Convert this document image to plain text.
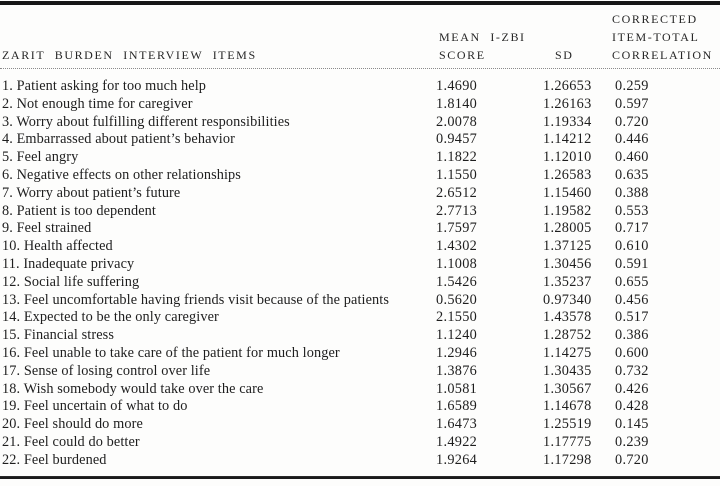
ZARIT BURDEN INTERVIEW ITEMS
MEAN I-ZBI
SCORE	SD
CORRECTED
ITEM-TOTAL
CORRELATION
1. Patient asking for too much help	1.4690	1.26653	0.259
2. Not enough time for caregiver	1.8140	1.26163	0.597
3. Worry about fulfilling different responsibilities	2.0078	1.19334	0.720
4. Embarrassed about patient’s behavior	0.9457	1.14212	0.446
5. Feel angry	1.1822	1.12010	0.460
6. Negative effects on other relationships	1.1550	1.26583	0.635
7. Worry about patient’s future	2.6512	1.15460	0.388
8. Patient is too dependent	2.7713	1.19582	0.553
9. Feel strained	1.7597	1.28005	0.717
10. Health affected	1.4302	1.37125	0.610
11. Inadequate privacy	1.1008	1.30456	0.591
12. Social life suffering	1.5426	1.35237	0.655
13. Feel uncomfortable having friends visit because of the patients	0.5620	0.97340	0.456
14. Expected to be the only caregiver	2.1550	1.43578	0.517
15. Financial stress	1.1240	1.28752	0.386
16. Feel unable to take care of the patient for much longer	1.2946	1.14275	0.600
17. Sense of losing control over life	1.3876	1.30435	0.732
18. Wish somebody would take over the care	1.0581	1.30567	0.426
19. Feel uncertain of what to do	1.6589	1.14678	0.428
20. Feel should do more	1.6473	1.25519	0.145
21. Feel could do better	1.4922	1.17775	0.239
22. Feel burdened	1.9264	1.17298	0.720
